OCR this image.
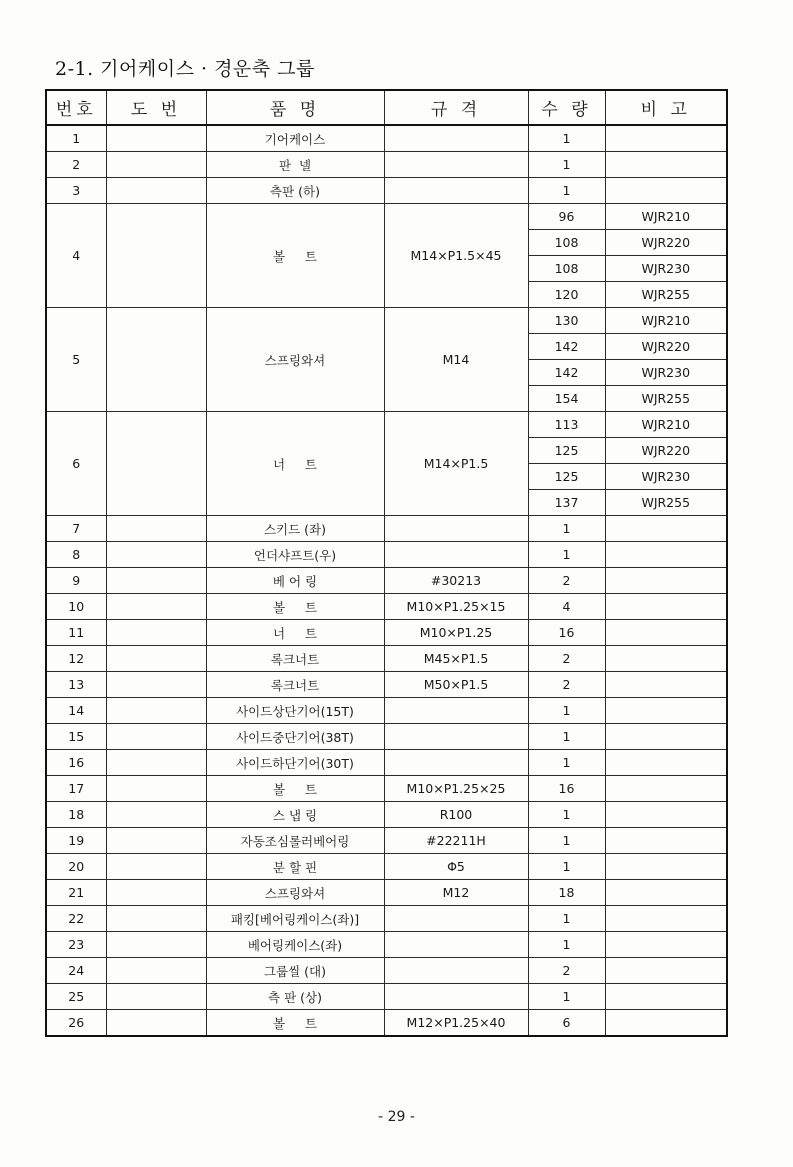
2-1. 기어케이스 · 경운축 그룹
번호	도 번	품 명	규 격	수 량	비 고
1		기어케이스		1	
2		판  넬		1	
3		측판 (하)		1	
4		볼     트	M14×P1.5×45	96	WJR210
				108	WJR220
				108	WJR230
				120	WJR255
5		스프링와셔	M14	130	WJR210
				142	WJR220
				142	WJR230
				154	WJR255
6		너     트	M14×P1.5	113	WJR210
				125	WJR220
				125	WJR230
				137	WJR255
7		스키드 (좌)		1	
8		언더샤프트(우)		1	
9		베 어 링	#30213	2	
10		볼     트	M10×P1.25×15	4	
11		너     트	M10×P1.25	16	
12		록크너트	M45×P1.5	2	
13		록크너트	M50×P1.5	2	
14		사이드상단기어(15T)		1	
15		사이드중단기어(38T)		1	
16		사이드하단기어(30T)		1	
17		볼     트	M10×P1.25×25	16	
18		스 냅 링	R100	1	
19		자동조심롤러베어링	#22211H	1	
20		분 할 핀	Φ5	1	
21		스프링와셔	M12	18	
22		패킹[베어링케이스(좌)]		1	
23		베어링케이스(좌)		1	
24		그룹씰 (대)		2	
25		측 판 (상)		1	
26		볼     트	M12×P1.25×40	6	
- 29 -
